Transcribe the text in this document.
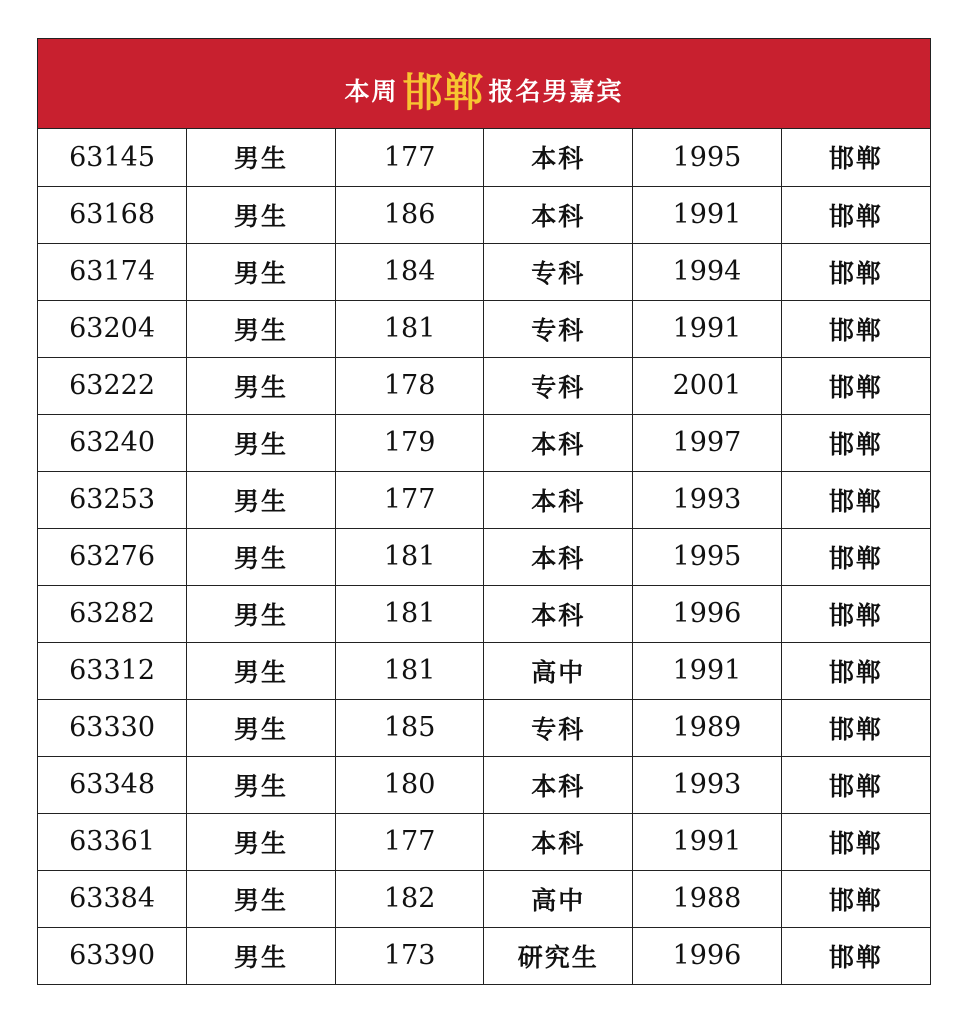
本周 邯郸 报名男嘉宾
63145	男生	177	本科	1995	邯郸
63168	男生	186	本科	1991	邯郸
63174	男生	184	专科	1994	邯郸
63204	男生	181	专科	1991	邯郸
63222	男生	178	专科	2001	邯郸
63240	男生	179	本科	1997	邯郸
63253	男生	177	本科	1993	邯郸
63276	男生	181	本科	1995	邯郸
63282	男生	181	本科	1996	邯郸
63312	男生	181	高中	1991	邯郸
63330	男生	185	专科	1989	邯郸
63348	男生	180	本科	1993	邯郸
63361	男生	177	本科	1991	邯郸
63384	男生	182	高中	1988	邯郸
63390	男生	173	研究生	1996	邯郸
